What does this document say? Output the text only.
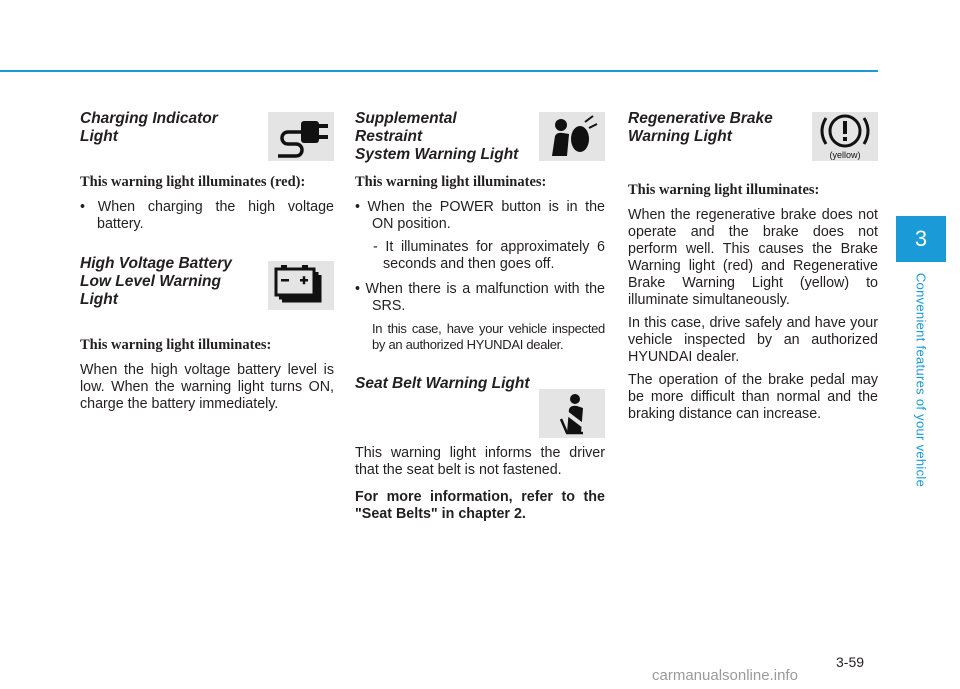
Charging Indicator
Light
This warning light illuminates (red):
• When charging the high voltage battery.
High Voltage Battery
Low Level Warning
Light
This warning light illuminates:
When the high voltage battery level is low. When the warning light turns ON, charge the battery immediately.
Supplemental Restraint
System Warning Light
This warning light illuminates:
• When the POWER button is in the ON position.
- It illuminates for approximately 6 seconds and then goes off.
• When there is a malfunction with the SRS.
In this case, have your vehicle inspected by an authorized HYUNDAI dealer.
Seat Belt Warning Light
This warning light informs the driver that the seat belt is not fastened.
For more information, refer to the "Seat Belts" in chapter 2.
Regenerative Brake
Warning Light
(yellow)
This warning light illuminates:
When the regenerative brake does not operate and the brake does not perform well. This causes the Brake Warning light (red) and Regenerative Brake Warning Light (yellow) to illuminate simultaneously.
In this case, drive safely and have your vehicle inspected by an authorized HYUNDAI dealer.
The operation of the brake pedal may be more difficult than normal and the braking distance can increase.
3
Convenient features of your vehicle
3-59
carmanualsonline.info
